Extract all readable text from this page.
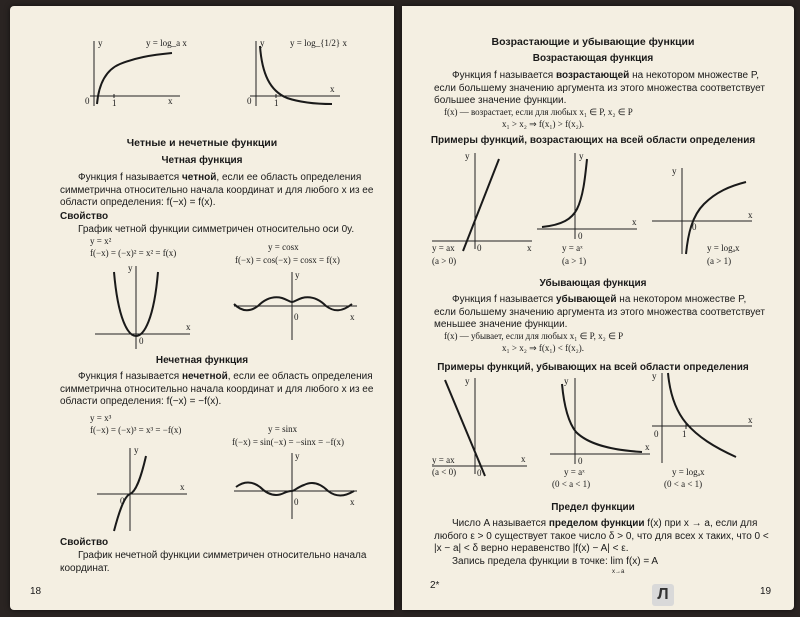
y
x
0	1
y = log_a x	y
x
0	1
y = log_{1/2} x
Четные и нечетные функции
Четная функция
Функция f называется четной, если ее область определения симметрична относительно начала координат и для любого x из ее области определения: f(−x) = f(x).
Свойство
График четной функции симметричен относительно оси 0y.
y = x²
f(−x) = (−x)² = x² = f(x)
y = cosx
f(−x) = cos(−x) = cosx = f(x)
y
x
0
y
x
0
Нечетная функция
Функция f называется нечетной, если ее область определения симметрична относительно начала координат и для любого x из ее области определения: f(−x) = −f(x).
y = x³
f(−x) = (−x)³ = x³ = −f(x)	y = sinx
f(−x) = sin(−x) = −sinx = −f(x)
y
x
0
y
x
0
Свойство
График нечетной функции симметричен относительно начала координат.
18
Возрастающие и убывающие функции
Возрастающая функция
Функция f называется возрастающей на некотором множестве P, если большему значению аргумента из этого множества соответствует большее значение функции.
f(x) — возрастает, если для любых x₁ ∈ P, x₂ ∈ P
x₁ > x₂ ⇒ f(x₁) > f(x₂).
Примеры функций, возрастающих на всей области определения
y
x
0
y = ax
(a > 0)
y
x
0
y = aˣ
(a > 1)
y
x
0
y = logₐx
(a > 1)
Убывающая функция
Функция f называется убывающей на некотором множестве P, если большему значению аргумента из этого множества соответствует меньшее значение функции.
f(x) — убывает, если для любых x₁ ∈ P, x₂ ∈ P
x₁ > x₂ ⇒ f(x₁) < f(x₂).
Примеры функций, убывающих на всей области определения
y
x
0
y = ax
(a < 0)
y
x
0
y = aˣ
(0 < a < 1)
y
x
0	1
y = logₐx
(0 < a < 1)
Предел функции
Число A называется пределом функции f(x) при x → a, если для любого ε > 0 существует такое число δ > 0, что для всех x таких, что 0 < |x − a| < δ верно неравенство |f(x) − A| < ε.
Запись предела функции в точке: lim f(x) = A
x→a
2*
19
Л
